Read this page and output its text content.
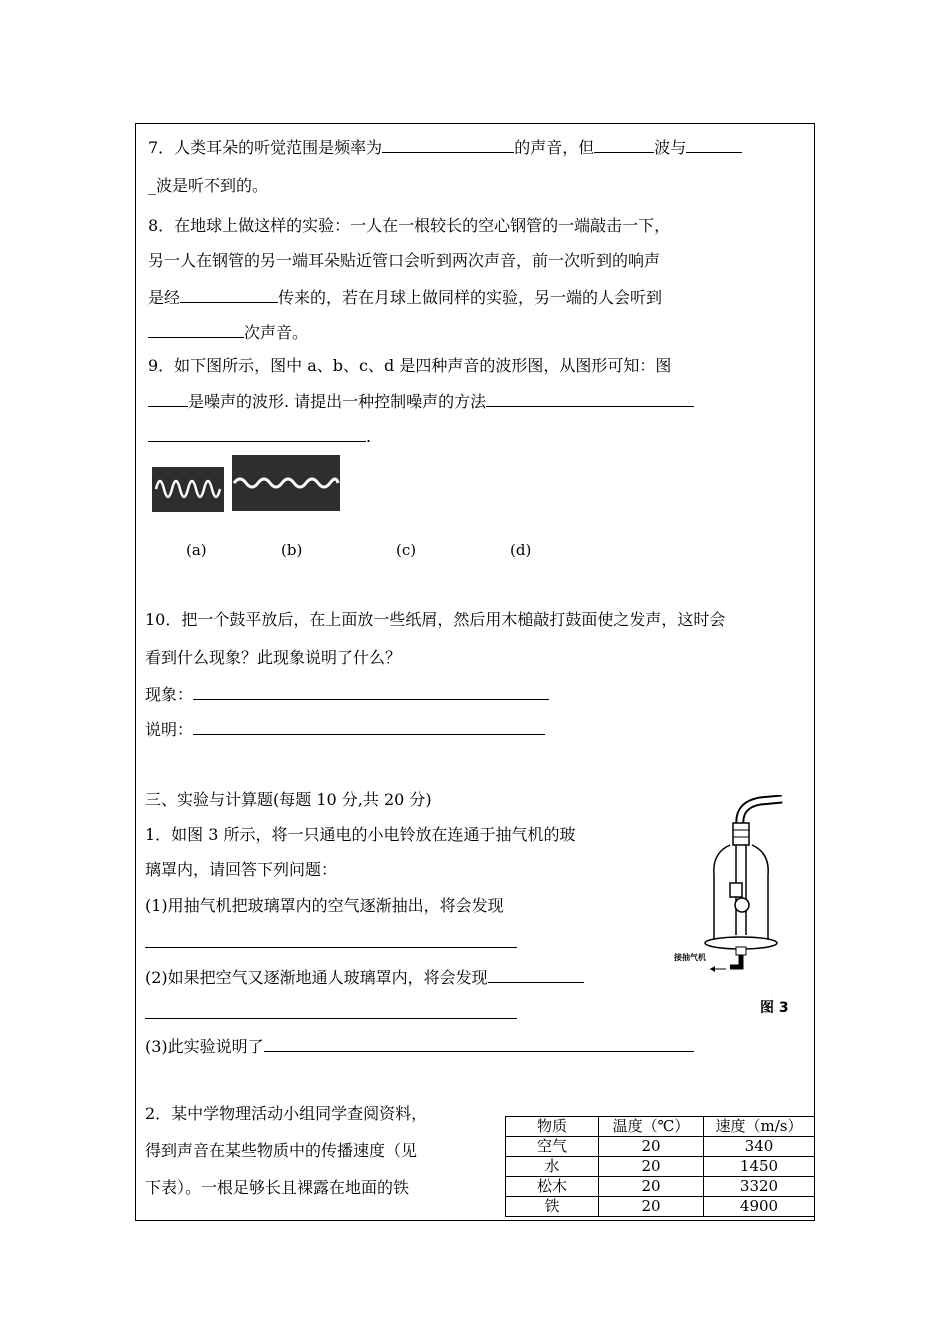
7．人类耳朵的听觉范围是频率为	的声音，但	波与
_波是听不到的。
8．在地球上做这样的实验：一人在一根较长的空心钢管的一端敲击一下，
另一人在钢管的另一端耳朵贴近管口会听到两次声音，前一次听到的响声
是经	传来的，若在月球上做同样的实验，另一端的人会听到
次声音。
9．如下图所示，图中 a、b、c、d 是四种声音的波形图，从图形可知：图
是噪声的波形. 请提出一种控制噪声的方法
.
(a)	(b)	(c)	(d)
10．把一个鼓平放后，在上面放一些纸屑，然后用木槌敲打鼓面使之发声，这时会
看到什么现象？此现象说明了什么？
现象：
说明：
三、实验与计算题(每题 10 分,共 20 分)
1．如图 3 所示，将一只通电的小电铃放在连通于抽气机的玻
璃罩内，请回答下列问题：
(1)用抽气机把玻璃罩内的空气逐渐抽出，将会发现
(2)如果把空气又逐渐地通人玻璃罩内，将会发现
(3)此实验说明了
接抽气机
图 3
2．某中学物理活动小组同学查阅资料，
得到声音在某些物质中的传播速度（见
下表）。一根足够长且裸露在地面的铁
物质	温度（℃）	速度（m/s）
空气	20	340
水	20	1450
松木	20	3320
铁	20	4900
